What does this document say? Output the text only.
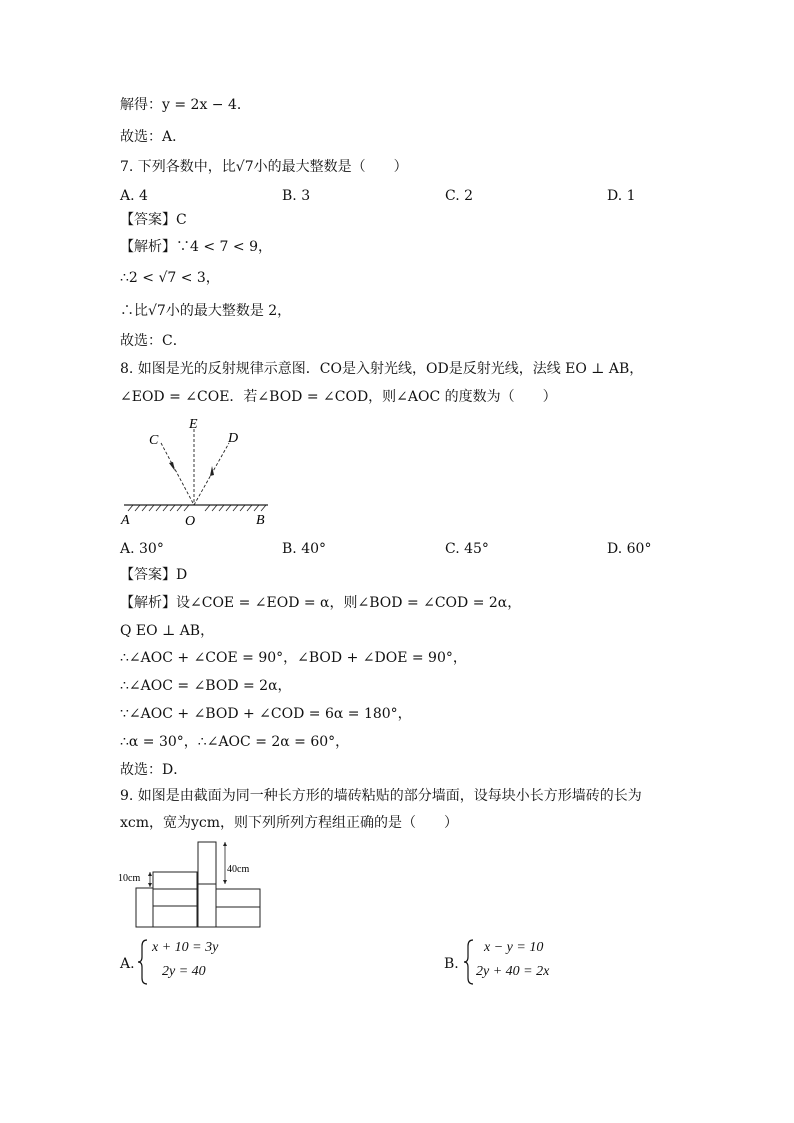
解得：y = 2x − 4．
故选：A．
7. 下列各数中，比√7小的最大整数是（　　）
A. 4	B. 3	C. 2	D. 1
【答案】C
【解析】∵4 < 7 < 9，
∴2 < √7 < 3，
∴比√7小的最大整数是 2，
故选：C．
8. 如图是光的反射规律示意图．CO是入射光线，OD是反射光线，法线 EO ⊥ AB，
∠EOD = ∠COE．若∠BOD = ∠COD，则∠AOC 的度数为（　　）
C
E
D
A	O	B
A. 30°	B. 40°	C. 45°	D. 60°
【答案】D
【解析】设∠COE = ∠EOD = α，则∠BOD = ∠COD = 2α，
Q EO ⊥ AB，
∴∠AOC + ∠COE = 90°，∠BOD + ∠DOE = 90°，
∴∠AOC = ∠BOD = 2α，
∵∠AOC + ∠BOD + ∠COD = 6α = 180°，
∴α = 30°，∴∠AOC = 2α = 60°，
故选：D．
9. 如图是由截面为同一种长方形的墙砖粘贴的部分墙面，设每块小长方形墙砖的长为
xcm，宽为ycm，则下列所列方程组正确的是（　　）
10cm
40cm
A.
x + 10 = 3y
2y = 40	B.
x − y = 10
2y + 40 = 2x
